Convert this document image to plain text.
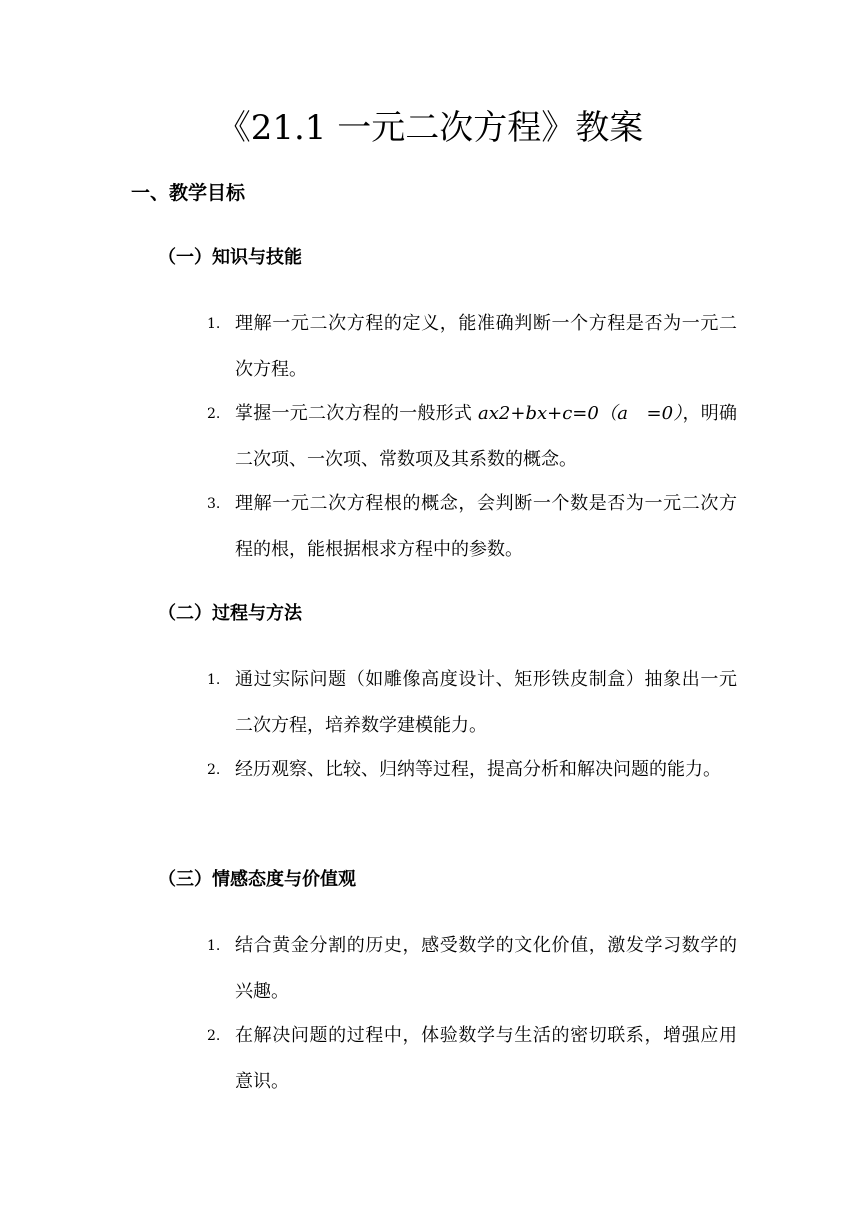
《21.1 一元二次方程》教案
一、教学目标
（一）知识与技能
1. 理解一元二次方程的定义，能准确判断一个方程是否为一元二次方程。
2. 掌握一元二次方程的一般形式 ax2+bx+c=0（a　=0），明确二次项、一次项、常数项及其系数的概念。
3. 理解一元二次方程根的概念，会判断一个数是否为一元二次方程的根，能根据根求方程中的参数。
（二）过程与方法
1. 通过实际问题（如雕像高度设计、矩形铁皮制盒）抽象出一元二次方程，培养数学建模能力。
2. 经历观察、比较、归纳等过程，提高分析和解决问题的能力。
（三）情感态度与价值观
1. 结合黄金分割的历史，感受数学的文化价值，激发学习数学的兴趣。
2. 在解决问题的过程中，体验数学与生活的密切联系，增强应用意识。
